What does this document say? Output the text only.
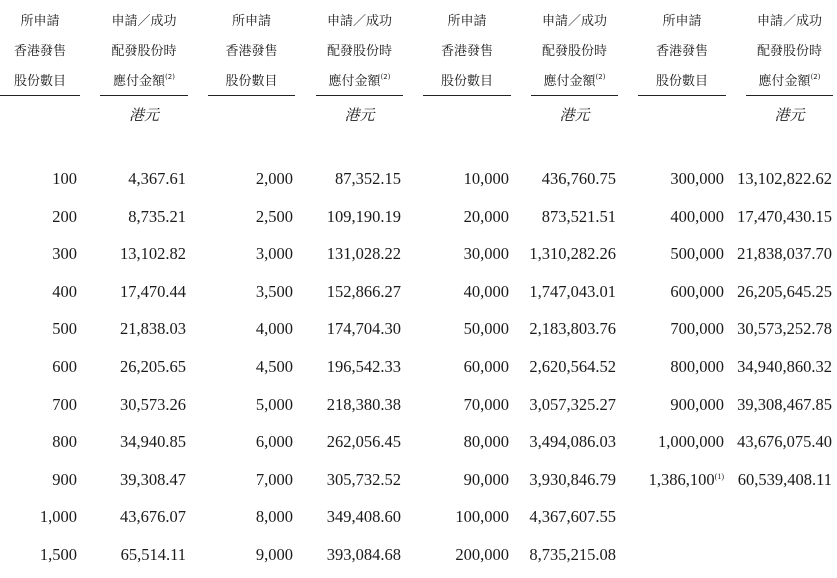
所申請
香港發售
股份數目
申請／成功
配發股份時
應付金額$^{(2)}$
港元
100
200
300
400
500
600
700
800
900
1,000
1,500
4,367.61
8,735.21
13,102.82
17,470.44
21,838.03
26,205.65
30,573.26
34,940.85
39,308.47
43,676.07
65,514.11
所申請
香港發售
股份數目
申請／成功
配發股份時
應付金額$^{(2)}$
港元
2,000
2,500
3,000
3,500
4,000
4,500
5,000
6,000
7,000
8,000
9,000
87,352.15
109,190.19
131,028.22
152,866.27
174,704.30
196,542.33
218,380.38
262,056.45
305,732.52
349,408.60
393,084.68
所申請
香港發售
股份數目
申請／成功
配發股份時
應付金額$^{(2)}$
港元
10,000
20,000
30,000
40,000
50,000
60,000
70,000
80,000
90,000
100,000
200,000
436,760.75
873,521.51
1,310,282.26
1,747,043.01
2,183,803.76
2,620,564.52
3,057,325.27
3,494,086.03
3,930,846.79
4,367,607.55
8,735,215.08
所申請
香港發售
股份數目
申請／成功
配發股份時
應付金額$^{(2)}$
港元
300,000
400,000
500,000
600,000
700,000
800,000
900,000
1,000,000
1,386,100$^{(1)}$
13,102,822.62
17,470,430.15
21,838,037.70
26,205,645.25
30,573,252.78
34,940,860.32
39,308,467.85
43,676,075.40
60,539,408.11
